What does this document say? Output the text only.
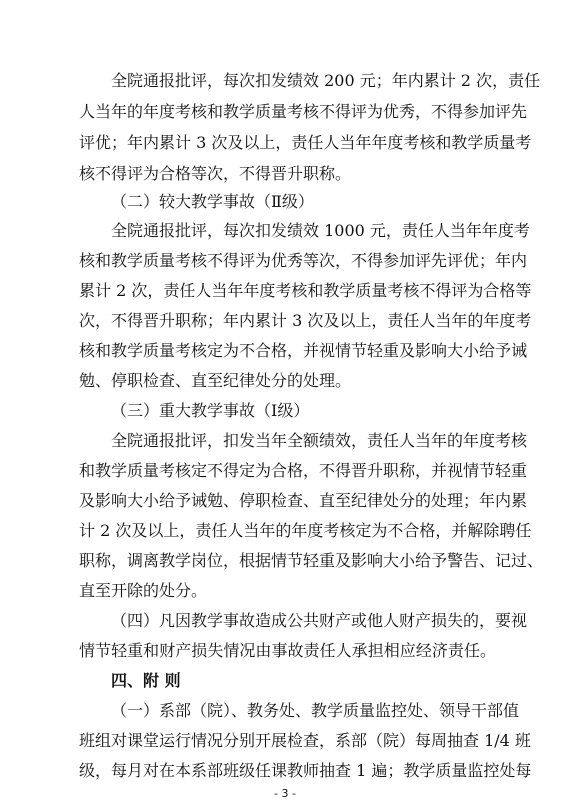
全院通报批评，每次扣发绩效 200 元；年内累计 2 次，责任
人当年的年度考核和教学质量考核不得评为优秀，不得参加评先
评优；年内累计 3 次及以上，责任人当年年度考核和教学质量考
核不得评为合格等次，不得晋升职称。
（二）较大教学事故（Ⅱ级）
全院通报批评，每次扣发绩效 1000 元，责任人当年年度考
核和教学质量考核不得评为优秀等次，不得参加评先评优；年内
累计 2 次，责任人当年年度考核和教学质量考核不得评为合格等
次，不得晋升职称；年内累计 3 次及以上，责任人当年的年度考
核和教学质量考核定为不合格，并视情节轻重及影响大小给予诫
勉、停职检查、直至纪律处分的处理。
（三）重大教学事故（Ⅰ级）
全院通报批评，扣发当年全额绩效，责任人当年的年度考核
和教学质量考核定不得定为合格，不得晋升职称，并视情节轻重
及影响大小给予诫勉、停职检查、直至纪律处分的处理；年内累
计 2 次及以上，责任人当年的年度考核定为不合格，并解除聘任
职称，调离教学岗位，根据情节轻重及影响大小给予警告、记过、
直至开除的处分。
（四）凡因教学事故造成公共财产或他人财产损失的，要视
情节轻重和财产损失情况由事故责任人承担相应经济责任。
四、附 则
（一）系部（院）、教务处、教学质量监控处、领导干部值
班组对课堂运行情况分别开展检查，系部（院）每周抽查 1/4 班
级，每月对在本系部班级任课教师抽查 1 遍；教学质量监控处每
- 3 -
